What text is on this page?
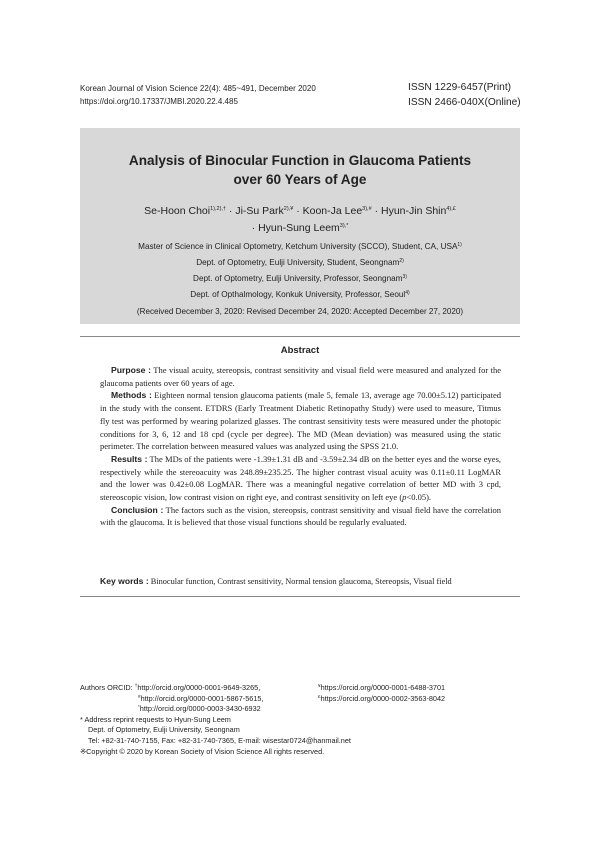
Korean Journal of Vision Science 22(4): 485~491, December 2020
https://doi.org/10.17337/JMBI.2020.22.4.485
ISSN 1229-6457(Print)
ISSN 2466-040X(Online)
Analysis of Binocular Function in Glaucoma Patients
over 60 Years of Age
Se-Hoon Choi$^{1),2),\dagger}$ · Ji-Su Park$^{2),¥}$ · Koon-Ja Lee$^{3),\#}$ · Hyun-Jin Shin$^{4),£}$
· Hyun-Sung Leem$^{3),*}$
Master of Science in Clinical Optometry, Ketchum University (SCCO), Student, CA, USA$^{1)}$
Dept. of Optometry, Eulji University, Student, Seongnam$^{2)}$
Dept. of Optometry, Eulji University, Professor, Seongnam$^{3)}$
Dept. of Opthalmology, Konkuk University, Professor, Seoul$^{4)}$
(Received December 3, 2020: Revised December 24, 2020: Accepted December 27, 2020)
Abstract

Purpose : The visual acuity, stereopsis, contrast sensitivity and visual field were measured and analyzed for the glaucoma patients over 60 years of age.

Methods : Eighteen normal tension glaucoma patients (male 5, female 13, average age 70.00±5.12) participated in the study with the consent. ETDRS (Early Treatment Diabetic Retinopathy Study) were used to measure, Titmus fly test was performed by wearing polarized glasses. The contrast sensitivity tests were measured under the photopic conditions for 3, 6, 12 and 18 cpd (cycle per degree). The MD (Mean deviation) was measured using the static perimeter. The correlation between measured values was analyzed using the SPSS 21.0.

Results : The MDs of the patients were -1.39±1.31 dB and -3.59±2.34 dB on the better eyes and the worse eyes, respectively while the stereoacuity was 248.89±235.25. The higher contrast visual acuity was 0.11±0.11 LogMAR and the lower was 0.42±0.08 LogMAR. There was a meaningful negative correlation of better MD with 3 cpd, stereoscopic vision, low contrast vision on right eye, and contrast sensitivity on left eye (p<0.05).

Conclusion : The factors such as the vision, stereopsis, contrast sensitivity and visual field have the correlation with the glaucoma. It is believed that those visual functions should be regularly evaluated.

Key words : Binocular function, Contrast sensitivity, Normal tension glaucoma, Stereopsis, Visual field
Authors ORCID: †http://orcid.org/0000-0001-9649-3265,	¥https://orcid.org/0000-0001-6488-3701
#http://orcid.org/0000-0001-5867-5615,	£https://orcid.org/0000-0002-3563-8042
*http://orcid.org/0000-0003-3430-6932
* Address reprint requests to Hyun-Sung Leem
Dept. of Optometry, Eulji University, Seongnam
Tel: +82-31-740-7155, Fax: +82-31-740-7365, E-mail: wisestar0724@hanmail.net
※Copyright © 2020 by Korean Society of Vision Science All rights reserved.
